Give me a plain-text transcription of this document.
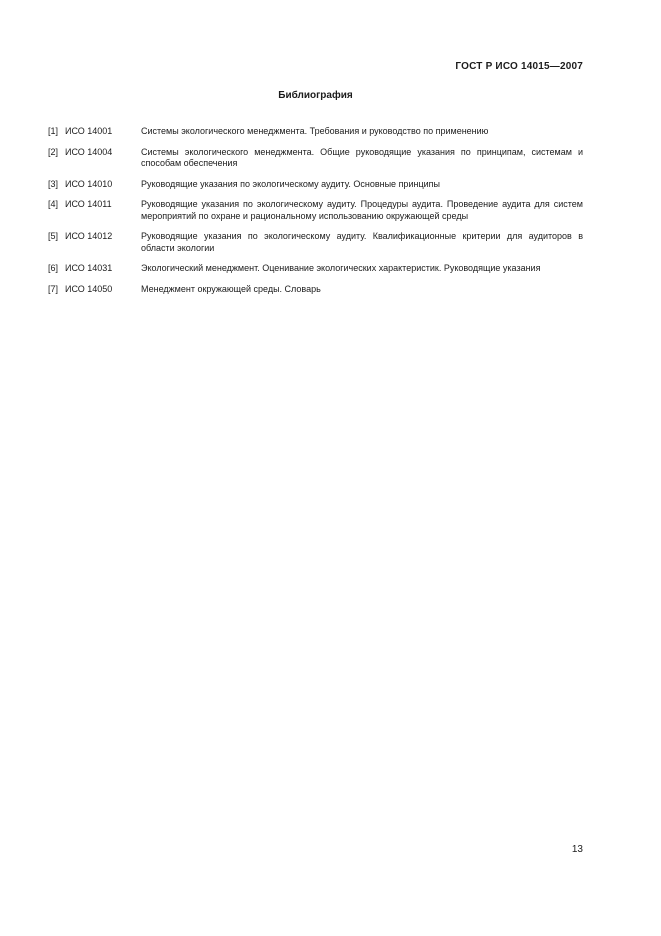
ГОСТ Р ИСО 14015—2007
Библиография
[1] ИСО 14001	Системы экологического менеджмента. Требования и руководство по применению
[2] ИСО 14004	Системы экологического менеджмента. Общие руководящие указания по принципам, системам и способам обеспечения
[3] ИСО 14010	Руководящие указания по экологическому аудиту. Основные принципы
[4] ИСО 14011	Руководящие указания по экологическому аудиту. Процедуры аудита. Проведение аудита для систем мероприятий по охране и рациональному использованию окружающей среды
[5] ИСО 14012	Руководящие указания по экологическому аудиту. Квалификационные критерии для аудиторов в области экологии
[6] ИСО 14031	Экологический менеджмент. Оценивание экологических характеристик. Руководящие указания
[7] ИСО 14050	Менеджмент окружающей среды. Словарь
13
